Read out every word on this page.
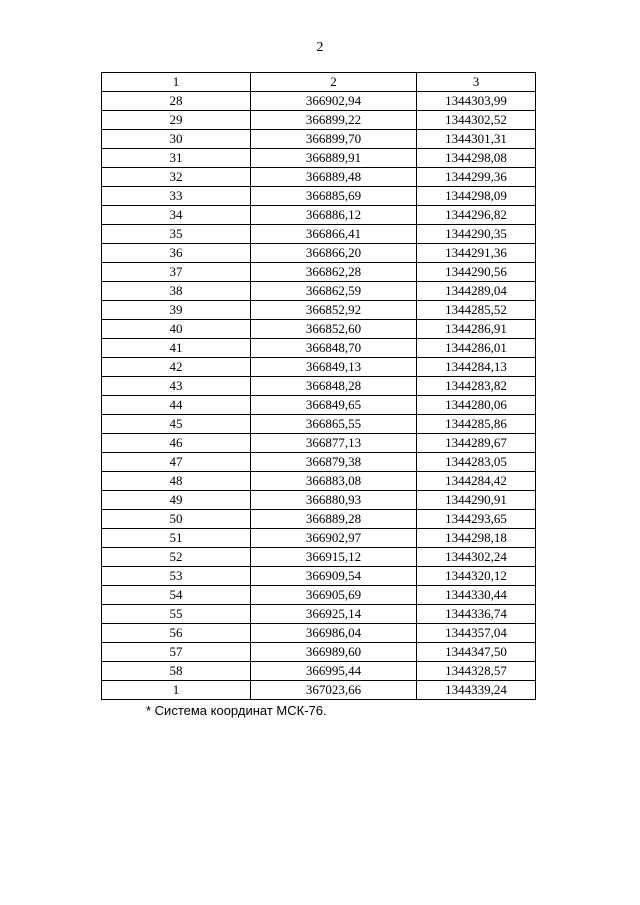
2
1	2	3
28	366902,94	1344303,99
29	366899,22	1344302,52
30	366899,70	1344301,31
31	366889,91	1344298,08
32	366889,48	1344299,36
33	366885,69	1344298,09
34	366886,12	1344296,82
35	366866,41	1344290,35
36	366866,20	1344291,36
37	366862,28	1344290,56
38	366862,59	1344289,04
39	366852,92	1344285,52
40	366852,60	1344286,91
41	366848,70	1344286,01
42	366849,13	1344284,13
43	366848,28	1344283,82
44	366849,65	1344280,06
45	366865,55	1344285,86
46	366877,13	1344289,67
47	366879,38	1344283,05
48	366883,08	1344284,42
49	366880,93	1344290,91
50	366889,28	1344293,65
51	366902,97	1344298,18
52	366915,12	1344302,24
53	366909,54	1344320,12
54	366905,69	1344330,44
55	366925,14	1344336,74
56	366986,04	1344357,04
57	366989,60	1344347,50
58	366995,44	1344328,57
1	367023,66	1344339,24
* Система координат МСК-76.
